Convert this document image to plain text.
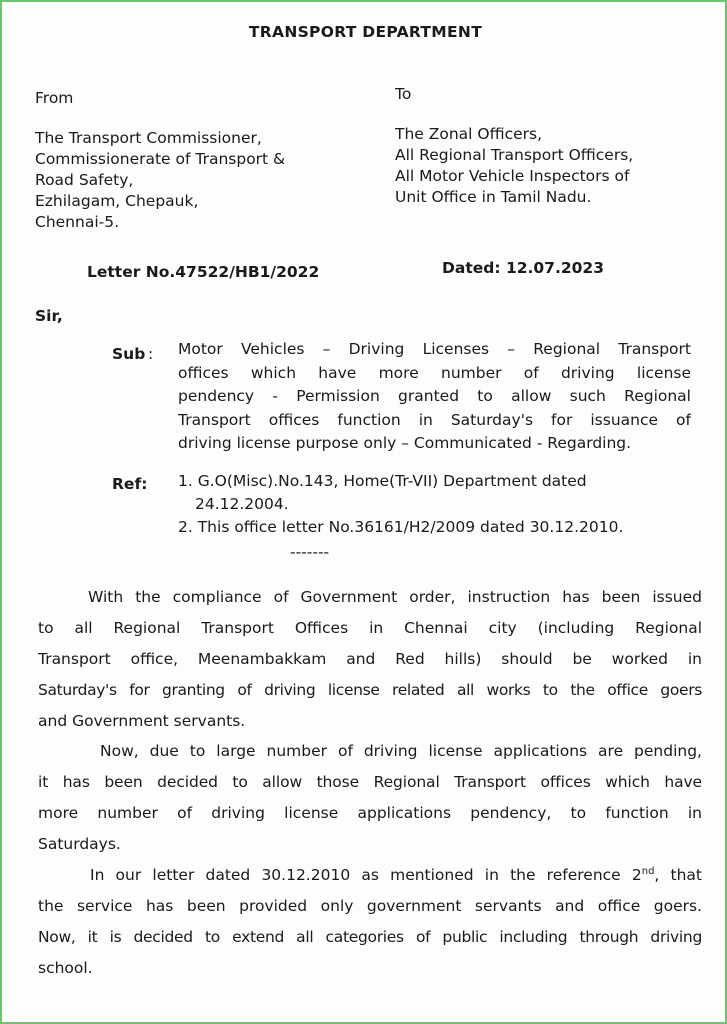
TRANSPORT DEPARTMENT
From
The Transport Commissioner,
Commissionerate of Transport &
Road Safety,
Ezhilagam, Chepauk,
Chennai-5.
To
The Zonal Officers,
All Regional Transport Officers,
All Motor Vehicle Inspectors of
Unit Office in Tamil Nadu.
Letter No.47522/HB1/2022	Dated: 12.07.2023
Sir,
Sub : Motor Vehicles – Driving Licenses – Regional Transport
offices which have more number of driving license
pendency - Permission granted to allow such Regional
Transport offices function in Saturday's for issuance of
driving license purpose only – Communicated - Regarding.
Ref: 1. G.O(Misc).No.143, Home(Tr-VII) Department dated
24.12.2004.
2. This office letter No.36161/H2/2009 dated 30.12.2010.
-------
With the compliance of Government order, instruction has been issued
to all Regional Transport Offices in Chennai city (including Regional
Transport office, Meenambakkam and Red hills) should be worked in
Saturday's for granting of driving license related all works to the office goers
and Government servants.
Now, due to large number of driving license applications are pending,
it has been decided to allow those Regional Transport offices which have
more number of driving license applications pendency, to function in
Saturdays.
In our letter dated 30.12.2010 as mentioned in the reference 2nd, that
the service has been provided only government servants and office goers.
Now, it is decided to extend all categories of public including through driving
school.
